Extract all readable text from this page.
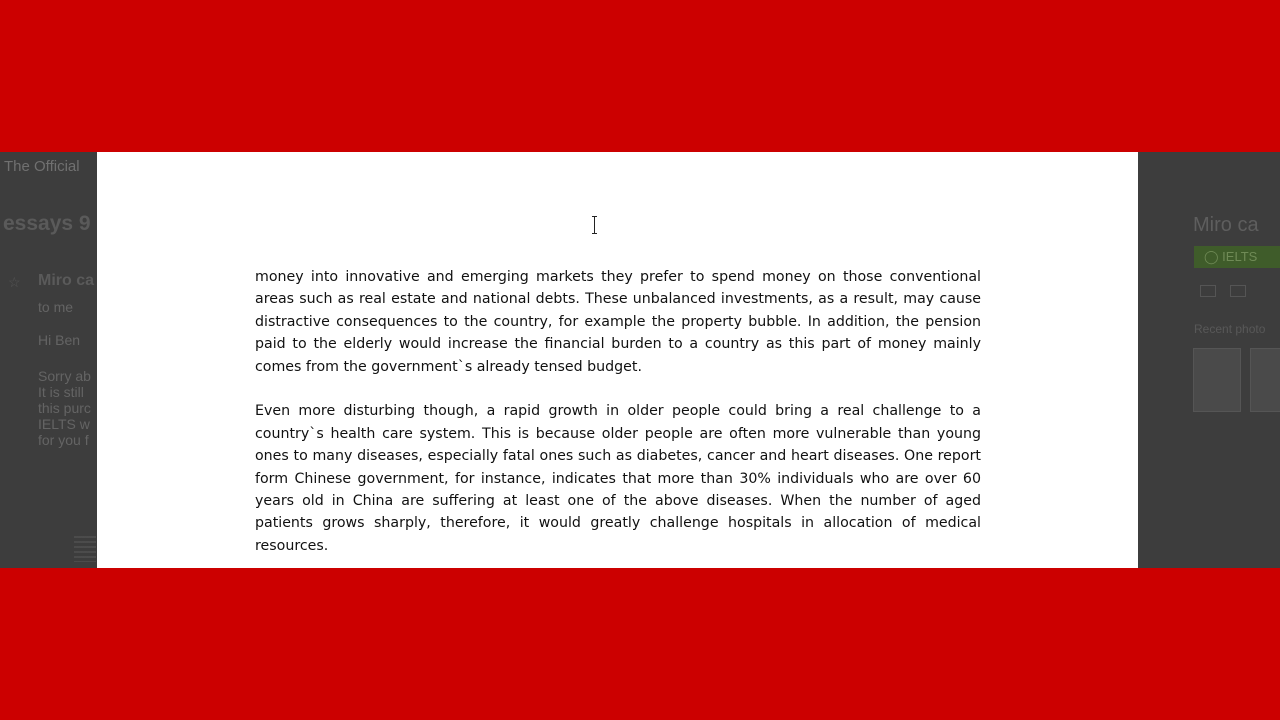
The Official
essays 9
☆ Miro ca
to me
Hi Ben
Sorry ab
It is still
this purc
IELTS w
for you f
Miro ca
◯ IELTS
Recent photo

money into innovative and emerging markets they prefer to spend money on those conventional areas such as real estate and national debts. These unbalanced investments, as a result, may cause distractive consequences to the country, for example the property bubble. In addition, the pension paid to the elderly would increase the financial burden to a country as this part of money mainly comes from the government`s already tensed budget.

Even more disturbing though, a rapid growth in older people could bring a real challenge to a country`s health care system. This is because older people are often more vulnerable than young ones to many diseases, especially fatal ones such as diabetes, cancer and heart diseases. One report form Chinese government, for instance, indicates that more than 30% individuals who are over 60 years old in China are suffering at least one of the above diseases. When the number of aged patients grows sharply, therefore, it would greatly challenge hospitals in allocation of medical resources.
